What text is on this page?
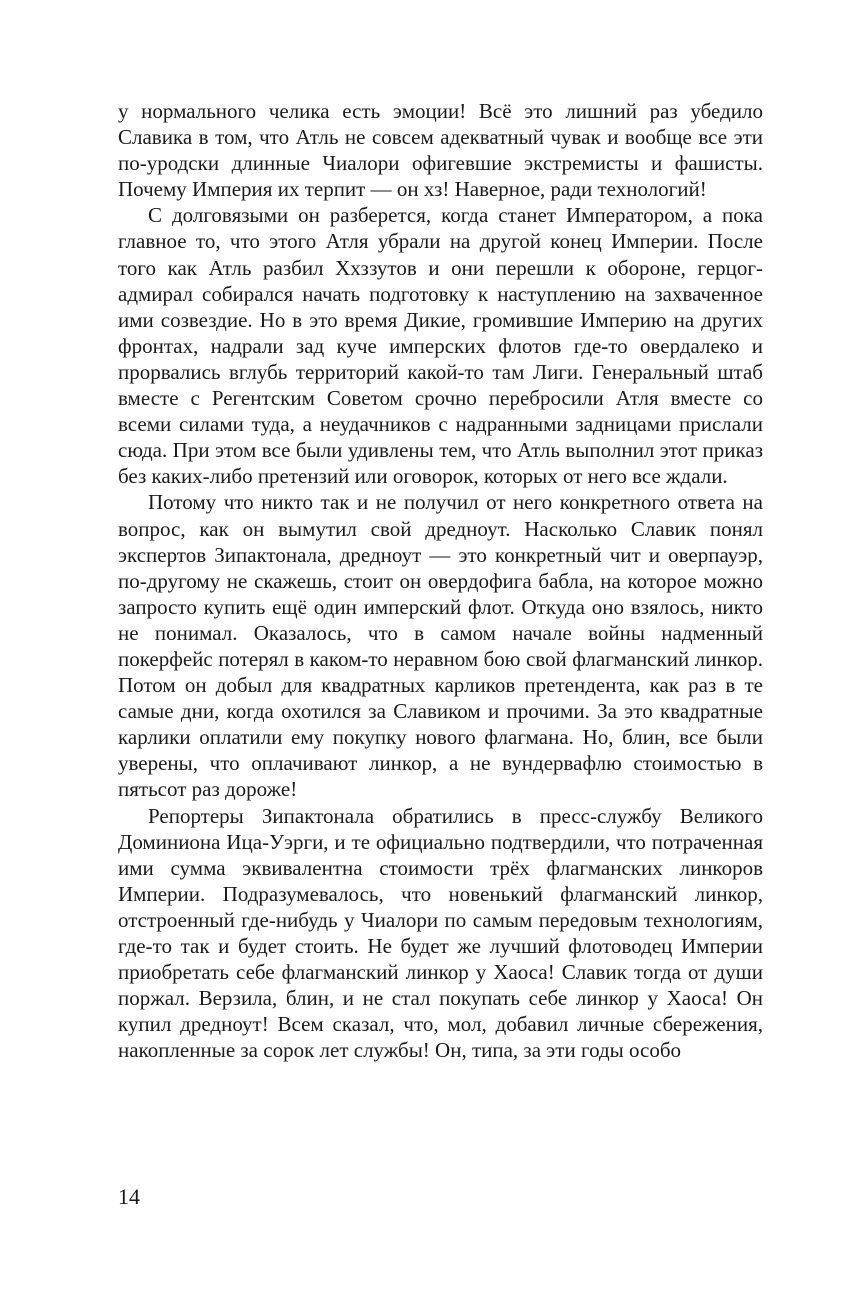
у нормального челика есть эмоции! Всё это лишний раз убедило Славика в том, что Атль не совсем адекватный чувак и вообще все эти по-уродски длинные Чиалори офигевшие экстремисты и фашисты. Почему Империя их терпит — он хз! Наверное, ради технологий!

С долговязыми он разберется, когда станет Императором, а пока главное то, что этого Атля убрали на другой конец Империи. После того как Атль разбил Ххззутов и они перешли к обороне, герцог-адмирал собирался начать подготовку к наступлению на захваченное ими созвездие. Но в это время Дикие, громившие Империю на других фронтах, надрали зад куче имперских флотов где-то овердалеко и прорвались вглубь территорий какой-то там Лиги. Генеральный штаб вместе с Регентским Советом срочно перебросили Атля вместе со всеми силами туда, а неудачников с надранными задницами прислали сюда. При этом все были удивлены тем, что Атль выполнил этот приказ без каких-либо претензий или оговорок, которых от него все ждали.

Потому что никто так и не получил от него конкретного ответа на вопрос, как он вымутил свой дредноут. Насколько Славик понял экспертов Зипактонала, дредноут — это конкретный чит и оверпауэр, по-другому не скажешь, стоит он овердофига бабла, на которое можно запросто купить ещё один имперский флот. Откуда оно взялось, никто не понимал. Оказалось, что в самом начале войны надменный покерфейс потерял в каком-то неравном бою свой флагманский линкор. Потом он добыл для квадратных карликов претендента, как раз в те самые дни, когда охотился за Славиком и прочими. За это квадратные карлики оплатили ему покупку нового флагмана. Но, блин, все были уверены, что оплачивают линкор, а не вундервафлю стоимостью в пятьсот раз дороже!

Репортеры Зипактонала обратились в пресс-службу Великого Доминиона Ица-Уэрги, и те официально подтвердили, что потраченная ими сумма эквивалентна стоимости трёх флагманских линкоров Империи. Подразумевалось, что новенький флагманский линкор, отстроенный где-нибудь у Чиалори по самым передовым технологиям, где-то так и будет стоить. Не будет же лучший флотоводец Империи приобретать себе флагманский линкор у Хаоса! Славик тогда от души поржал. Верзила, блин, и не стал покупать себе линкор у Хаоса! Он купил дредноут! Всем сказал, что, мол, добавил личные сбережения, накопленные за сорок лет службы! Он, типа, за эти годы особо

14
